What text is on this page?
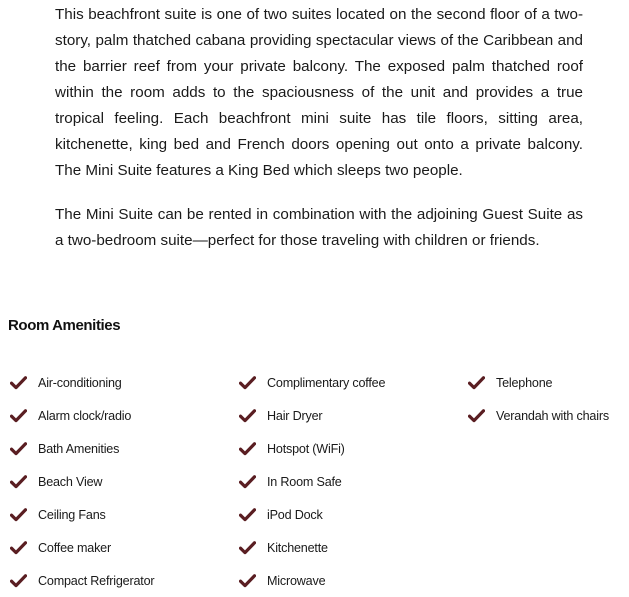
This beachfront suite is one of two suites located on the second floor of a two-story, palm thatched cabana providing spectacular views of the Caribbean and the barrier reef from your private balcony. The exposed palm thatched roof within the room adds to the spaciousness of the unit and provides a true tropical feeling. Each beachfront mini suite has tile floors, sitting area, kitchenette, king bed and French doors opening out onto a private balcony. The Mini Suite features a King Bed which sleeps two people.

The Mini Suite can be rented in combination with the adjoining Guest Suite as a two-bedroom suite—perfect for those traveling with children or friends.

Room Amenities
Air-conditioning
Alarm clock/radio
Bath Amenities
Beach View
Ceiling Fans
Coffee maker
Compact Refrigerator
Complimentary coffee
Hair Dryer
Hotspot (WiFi)
In Room Safe
iPod Dock
Kitchenette
Microwave
Telephone
Verandah with chairs
